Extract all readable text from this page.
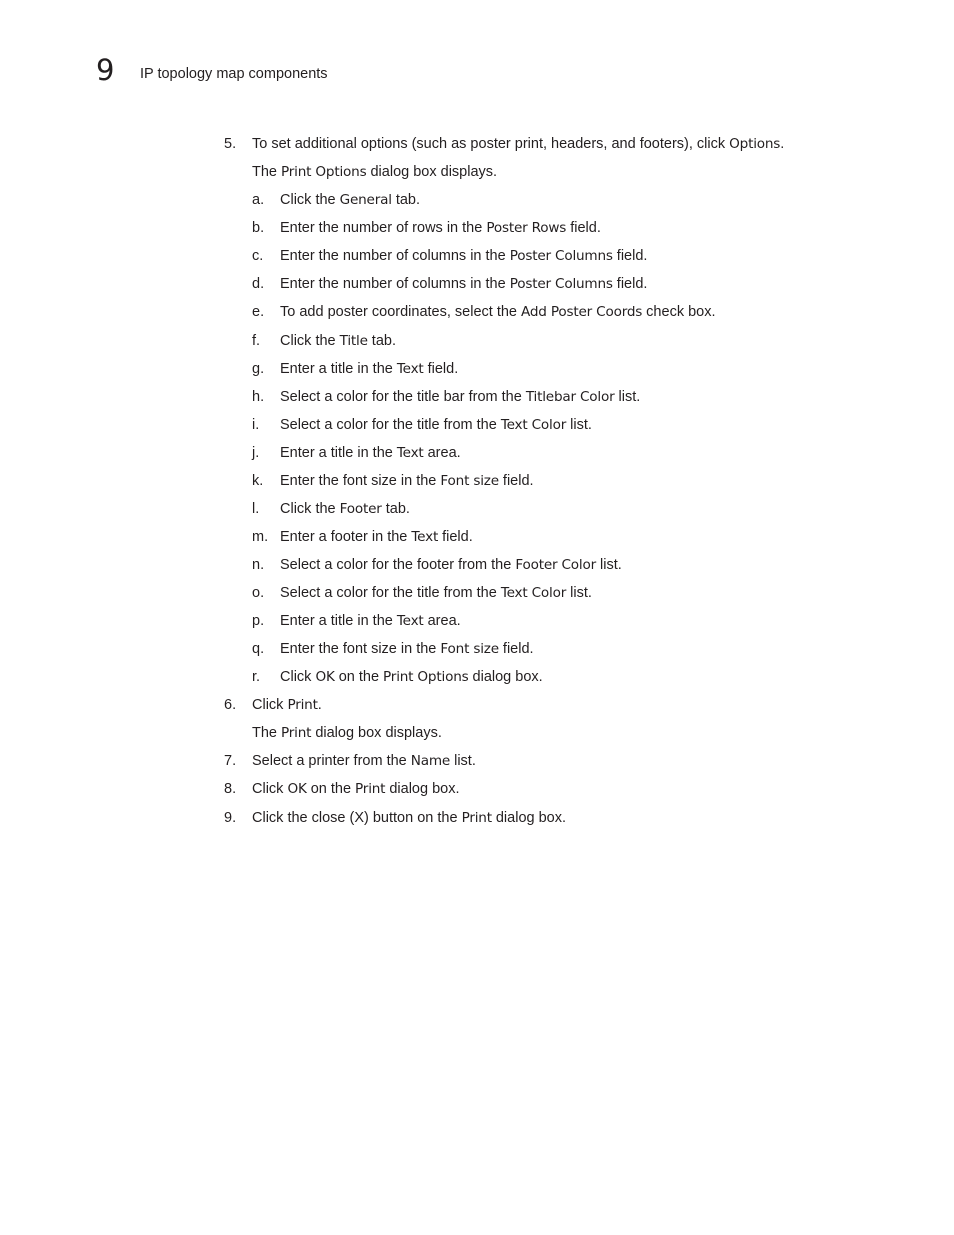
9 IP topology map components
5. To set additional options (such as poster print, headers, and footers), click Options.
The Print Options dialog box displays.
a. Click the General tab.
b. Enter the number of rows in the Poster Rows field.
c. Enter the number of columns in the Poster Columns field.
d. Enter the number of columns in the Poster Columns field.
e. To add poster coordinates, select the Add Poster Coords check box.
f. Click the Title tab.
g. Enter a title in the Text field.
h. Select a color for the title bar from the Titlebar Color list.
i. Select a color for the title from the Text Color list.
j. Enter a title in the Text area.
k. Enter the font size in the Font size field.
l. Click the Footer tab.
m. Enter a footer in the Text field.
n. Select a color for the footer from the Footer Color list.
o. Select a color for the title from the Text Color list.
p. Enter a title in the Text area.
q. Enter the font size in the Font size field.
r. Click OK on the Print Options dialog box.
6. Click Print.
The Print dialog box displays.
7. Select a printer from the Name list.
8. Click OK on the Print dialog box.
9. Click the close (X) button on the Print dialog box.
